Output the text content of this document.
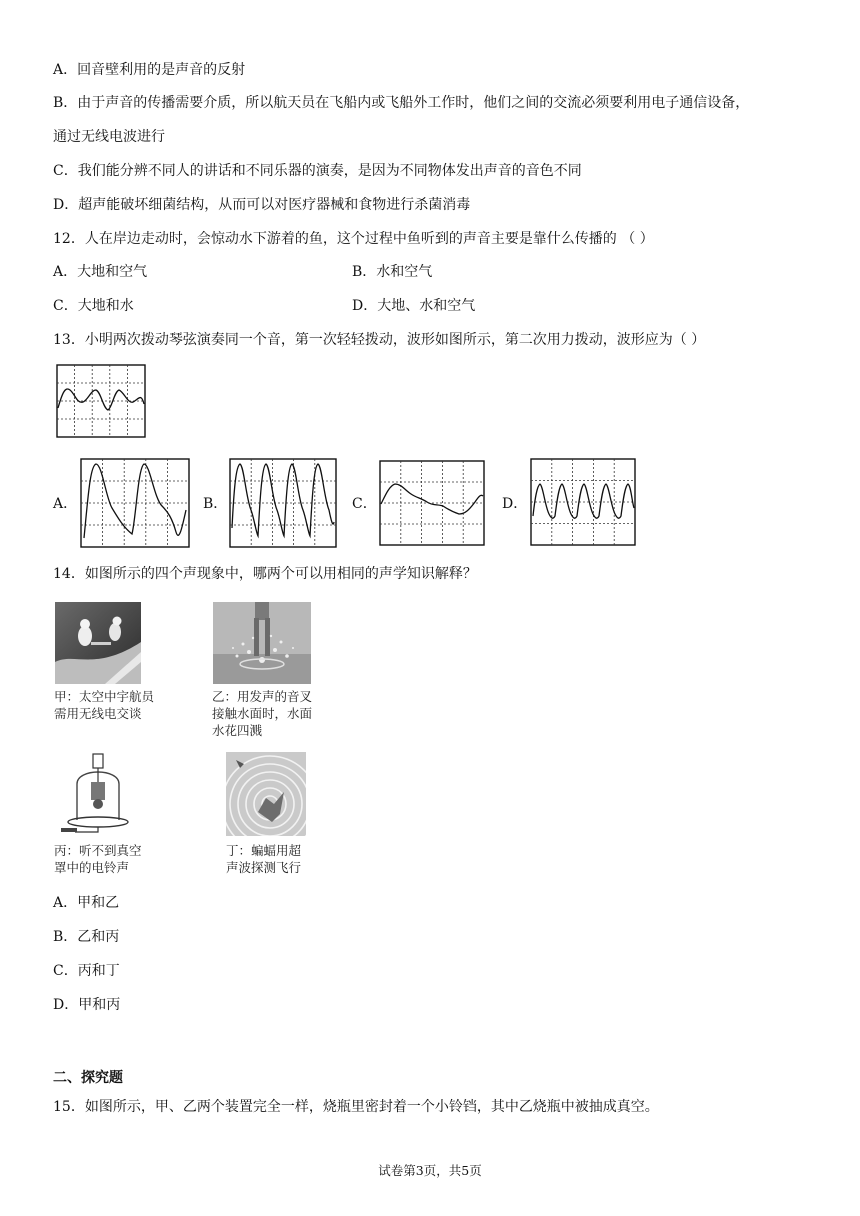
A．回音壁利用的是声音的反射
B．由于声音的传播需要介质，所以航天员在飞船内或飞船外工作时，他们之间的交流必须要利用电子通信设备，
通过无线电波进行
C．我们能分辨不同人的讲话和不同乐器的演奏，是因为不同物体发出声音的音色不同
D．超声能破坏细菌结构，从而可以对医疗器械和食物进行杀菌消毒
12．人在岸边走动时，会惊动水下游着的鱼，这个过程中鱼听到的声音主要是靠什么传播的 （ ）
A．大地和空气	B．水和空气
C．大地和水	D．大地、水和空气
13．小明两次拨动琴弦演奏同一个音，第一次轻轻拨动，波形如图所示，第二次用力拨动，波形应为（ ）
A．	B．	C．	D．
14．如图所示的四个声现象中，哪两个可以用相同的声学知识解释？
甲：太空中宇航员
需用无线电交谈
乙：用发声的音叉
接触水面时，水面
水花四溅
丙：听不到真空
罩中的电铃声
丁：蝙蝠用超
声波探测飞行
A．甲和乙
B．乙和丙
C．丙和丁
D．甲和丙
二、探究题
15．如图所示，甲、乙两个装置完全一样，烧瓶里密封着一个小铃铛，其中乙烧瓶中被抽成真空。
试卷第3页，共5页
